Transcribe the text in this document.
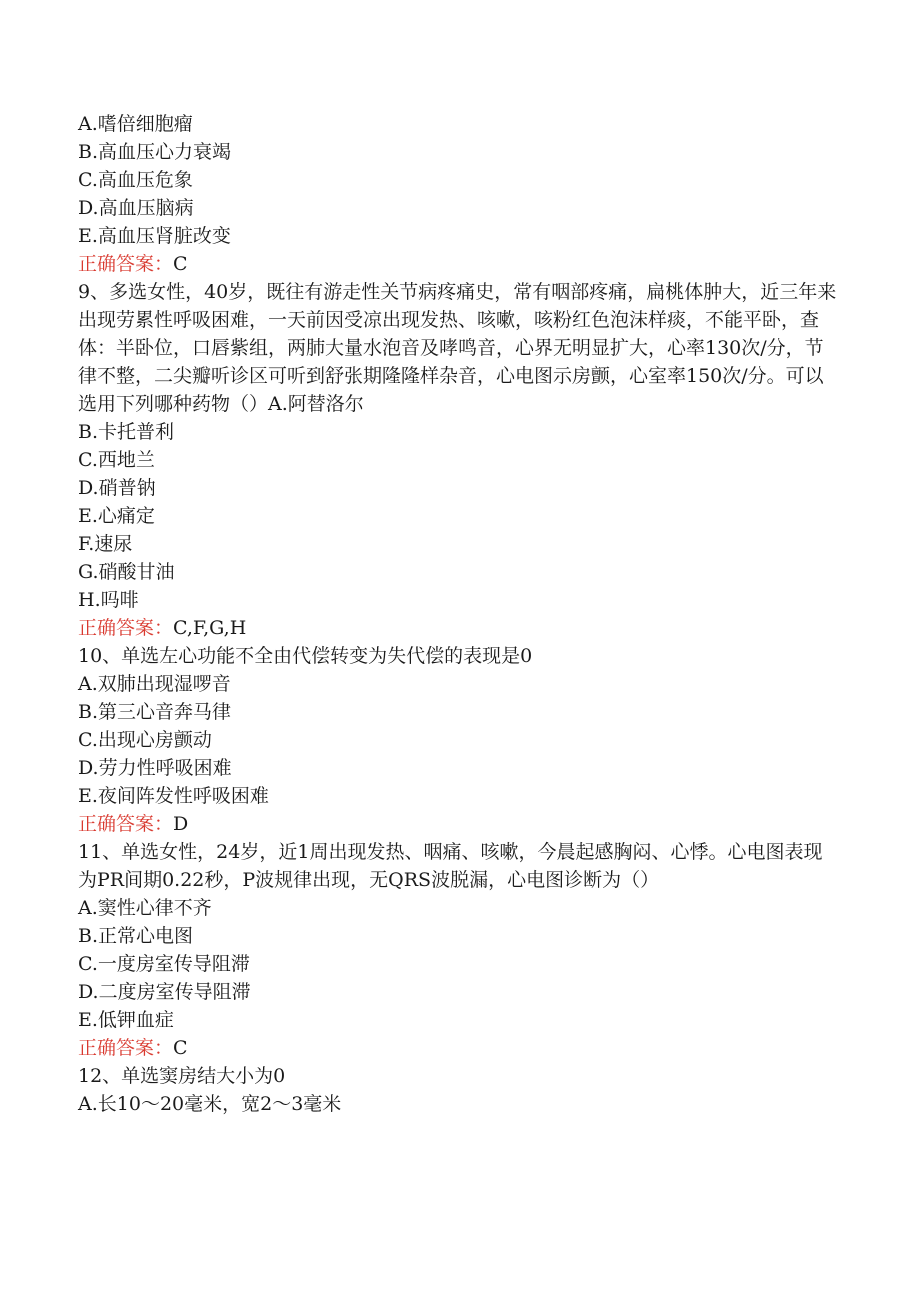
A.嗜倍细胞瘤
B.高血压心力衰竭
C.高血压危象
D.高血压脑病
E.高血压肾脏改变
正确答案：C
9、多选女性，40岁，既往有游走性关节病疼痛史，常有咽部疼痛，扁桃体肿大，近三年来出现劳累性呼吸困难，一天前因受凉出现发热、咳嗽，咳粉红色泡沫样痰，不能平卧，查体：半卧位，口唇紫组，两肺大量水泡音及哮鸣音，心界无明显扩大，心率130次/分，节律不整，二尖瓣听诊区可听到舒张期隆隆样杂音，心电图示房颤，心室率150次/分。可以选用下列哪种药物（）A.阿替洛尔
B.卡托普利
C.西地兰
D.硝普钠
E.心痛定
F.速尿
G.硝酸甘油
H.吗啡
正确答案：C,F,G,H
10、单选左心功能不全由代偿转变为失代偿的表现是0
A.双肺出现湿啰音
B.第三心音奔马律
C.出现心房颤动
D.劳力性呼吸困难
E.夜间阵发性呼吸困难
正确答案：D
11、单选女性，24岁，近1周出现发热、咽痛、咳嗽，今晨起感胸闷、心悸。心电图表现为PR间期0.22秒，P波规律出现，无QRS波脱漏，心电图诊断为（）
A.窦性心律不齐
B.正常心电图
C.一度房室传导阻滞
D.二度房室传导阻滞
E.低钾血症
正确答案：C
12、单选窦房结大小为0
A.长10～20毫米，宽2～3毫米
